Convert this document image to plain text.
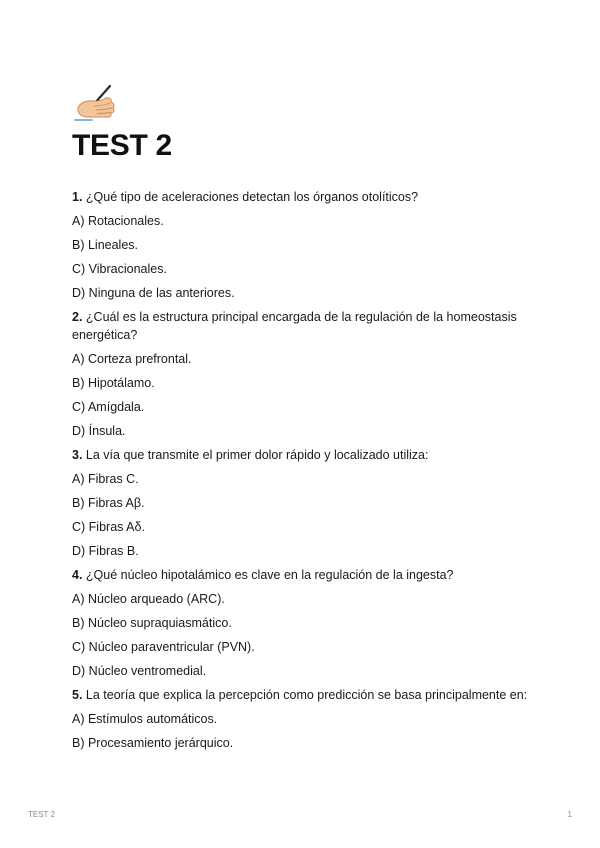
TEST 2

1. ¿Qué tipo de aceleraciones detectan los órganos otolíticos?

A) Rotacionales.

B) Lineales.

C) Vibracionales.

D) Ninguna de las anteriores.

2. ¿Cuál es la estructura principal encargada de la regulación de la homeostasis energética?

A) Corteza prefrontal.

B) Hipotálamo.

C) Amígdala.

D) Ínsula.

3. La vía que transmite el primer dolor rápido y localizado utiliza:

A) Fibras C.

B) Fibras Aβ.

C) Fibras Aδ.

D) Fibras B.

4. ¿Qué núcleo hipotalámico es clave en la regulación de la ingesta?

A) Núcleo arqueado (ARC).

B) Núcleo supraquiasmático.

C) Núcleo paraventricular (PVN).

D) Núcleo ventromedial.

5. La teoría que explica la percepción como predicción se basa principalmente en:

A) Estímulos automáticos.

B) Procesamiento jerárquico.

TEST 2	1
